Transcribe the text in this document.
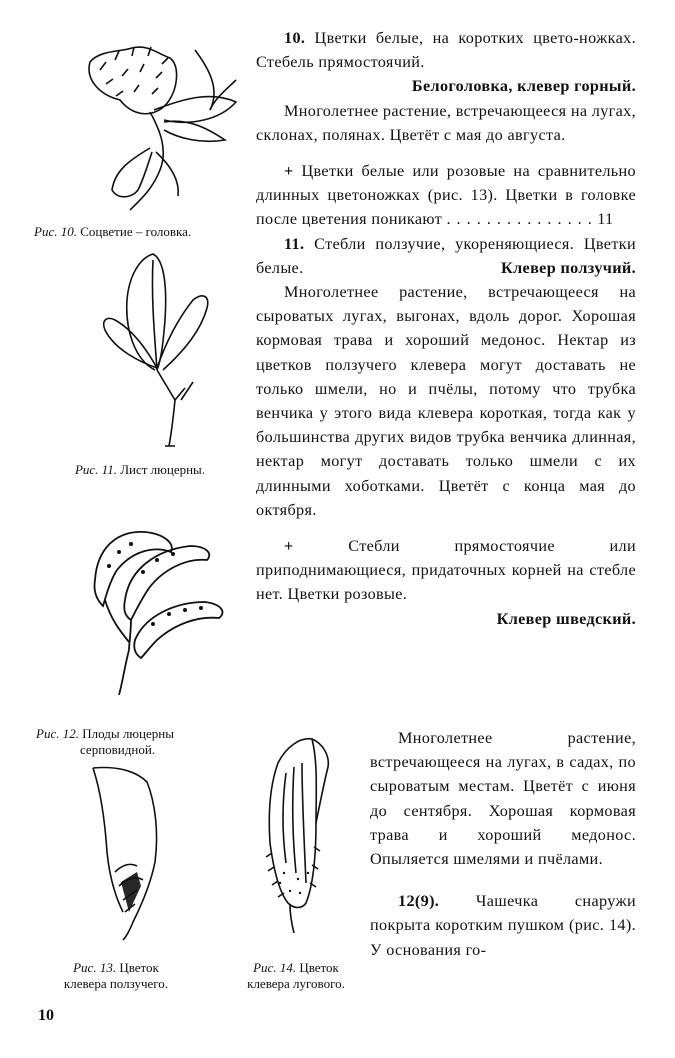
Рис. 10. Соцветие – головка.
Рис. 11. Лист люцерны.
Рис. 12. Плоды люцерны
серповидной.
Рис. 13. Цветок
клевера ползучего.
Рис. 14. Цветок
клевера лугового.

10. Цветки белые, на коротких цвето-ножках. Стебель прямостоячий.

Белоголовка, клевер горный.

Многолетнее растение, встречающееся на лугах, склонах, полянах. Цветёт с мая до августа.

+ Цветки белые или розовые на сравнительно длинных цветоножках (рис. 13). Цветки в головке после цветения поникают . . . . . . . . . . . . . . . 11

11. Стебли ползучие, укореняющиеся. Цветки белые.	Клевер ползучий.

Многолетнее растение, встречающееся на сыроватых лугах, выгонах, вдоль дорог. Хорошая кормовая трава и хороший медонос. Нектар из цветков ползучего клевера могут доставать не только шмели, но и пчёлы, потому что трубка венчика у этого вида клевера короткая, тогда как у большинства других видов трубка венчика длинная, нектар могут доставать только шмели с их длинными хоботками. Цветёт с конца мая до октября.

+	Стебли прямостоячие или приподнимающиеся, придаточных корней на стебле нет. Цветки розовые.

Клевер шведский.

Многолетнее растение, встречающееся на лугах, в садах, по сыроватым местам. Цветёт с июня до сентября. Хорошая кормовая трава и хороший медонос. Опыляется шмелями и пчёлами.

12(9). Чашечка снаружи покрыта коротким пушком (рис. 14). У основания го-

10
